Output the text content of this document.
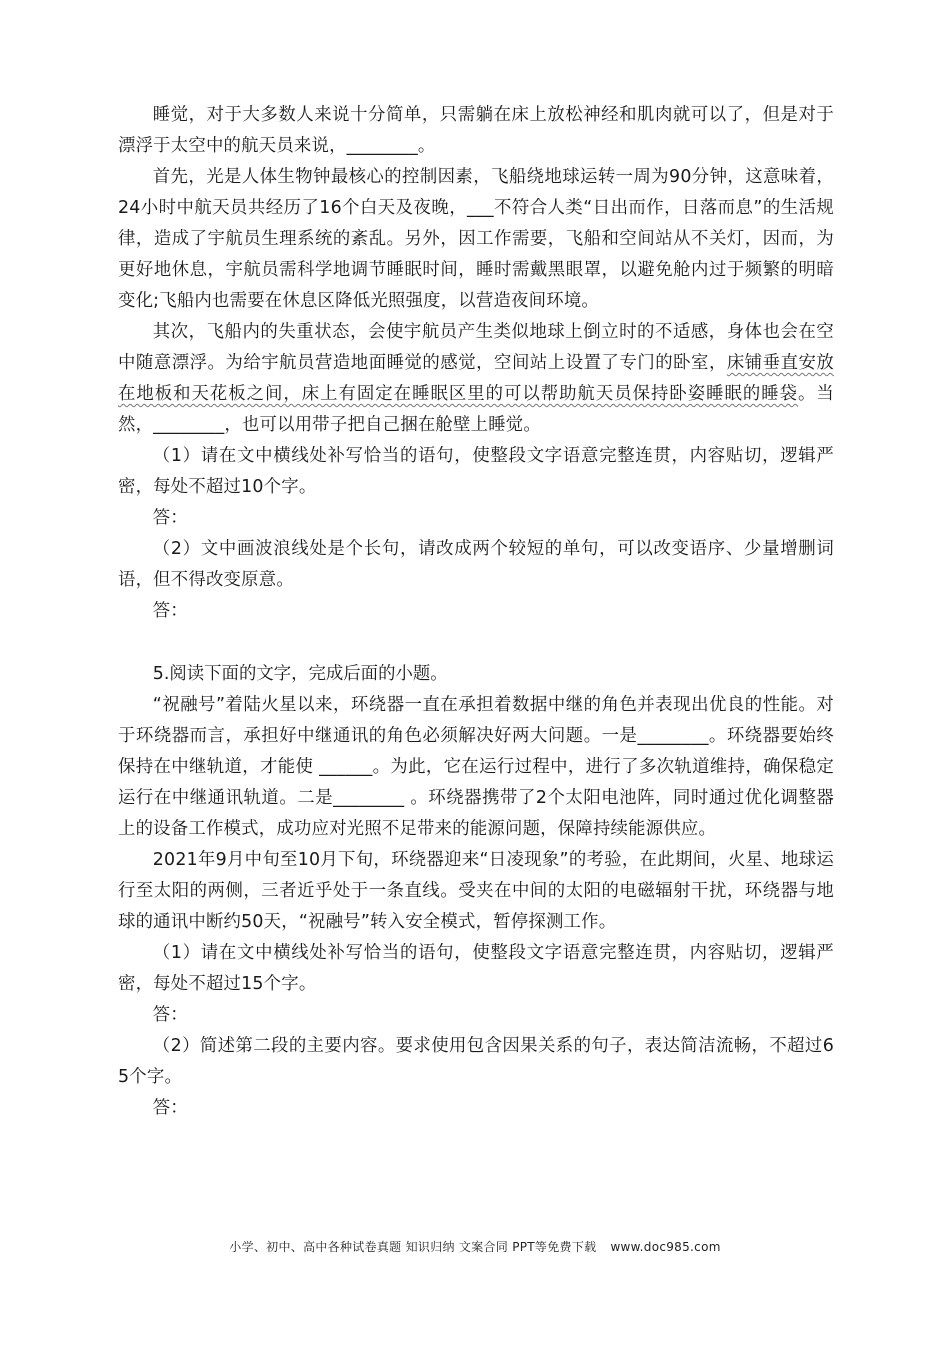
睡觉，对于大多数人来说十分简单，只需躺在床上放松神经和肌肉就可以了，但是对于漂浮于太空中的航天员来说，________。

首先，光是人体生物钟最核心的控制因素，飞船绕地球运转一周为90分钟，这意味着，24小时中航天员共经历了16个白天及夜晚，___不符合人类“日出而作，日落而息”的生活规律，造成了宇航员生理系统的紊乱。另外，因工作需要，飞船和空间站从不关灯，因而，为更好地休息，宇航员需科学地调节睡眠时间，睡时需戴黑眼罩，以避免舱内过于频繁的明暗变化;飞船内也需要在休息区降低光照强度，以营造夜间环境。

其次，飞船内的失重状态，会使宇航员产生类似地球上倒立时的不适感，身体也会在空中随意漂浮。为给宇航员营造地面睡觉的感觉，空间站上设置了专门的卧室，床铺垂直安放在地板和天花板之间，床上有固定在睡眠区里的可以帮助航天员保持卧姿睡眠的睡袋。当然，________，也可以用带子把自己捆在舱壁上睡觉。

（1）请在文中横线处补写恰当的语句，使整段文字语意完整连贯，内容贴切，逻辑严密，每处不超过10个字。

答：

（2）文中画波浪线处是个长句，请改成两个较短的单句，可以改变语序、少量增删词语，但不得改变原意。

答：

5.阅读下面的文字，完成后面的小题。

“祝融号”着陆火星以来，环绕器一直在承担着数据中继的角色并表现出优良的性能。对于环绕器而言，承担好中继通讯的角色必须解决好两大问题。一是________。环绕器要始终保持在中继轨道，才能使 ______。为此，它在运行过程中，进行了多次轨道维持，确保稳定运行在中继通讯轨道。二是________ 。环绕器携带了2个太阳电池阵，同时通过优化调整器上的设备工作模式，成功应对光照不足带来的能源问题，保障持续能源供应。

2021年9月中旬至10月下旬，环绕器迎来“日凌现象”的考验，在此期间，火星、地球运行至太阳的两侧，三者近乎处于一条直线。受夹在中间的太阳的电磁辐射干扰，环绕器与地球的通讯中断约50天，“祝融号”转入安全模式，暂停探测工作。

（1）请在文中横线处补写恰当的语句，使整段文字语意完整连贯，内容贴切，逻辑严密，每处不超过15个字。

答：

（2）简述第二段的主要内容。要求使用包含因果关系的句子，表达简洁流畅，不超过65个字。

答：

小学、初中、高中各种试卷真题 知识归纳 文案合同 PPT等免费下载 www.doc985.com
